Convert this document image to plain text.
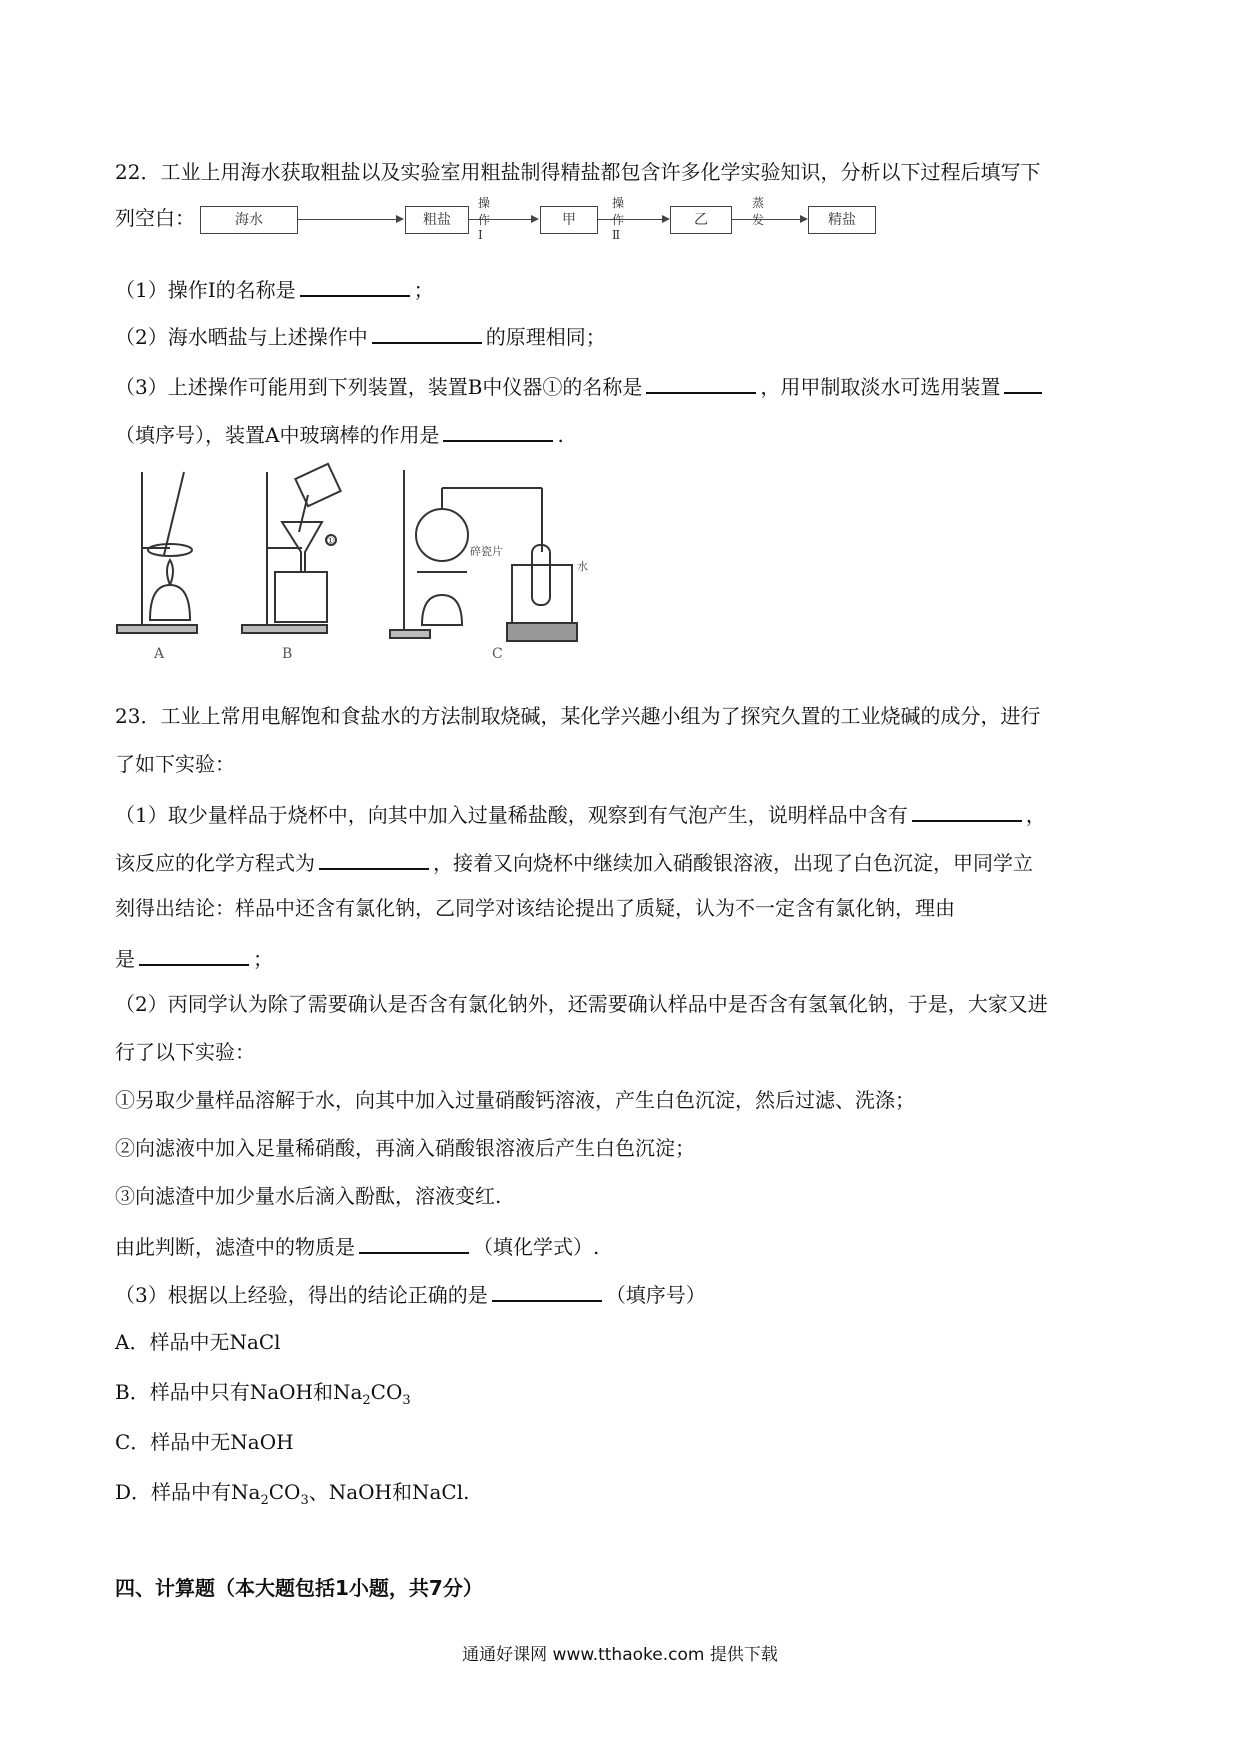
22．工业上用海水获取粗盐以及实验室用粗盐制得精盐都包含许多化学实验知识，分析以下过程后填写下
列空白：	海水	粗盐
操作Ⅰ
甲
操作Ⅱ
乙
蒸发	精盐
（1）操作Ⅰ的名称是	；
（2）海水晒盐与上述操作中	的原理相同；
（3）上述操作可能用到下列装置，装置B中仪器①的名称是	，用甲制取淡水可选用装置
（填序号），装置A中玻璃棒的作用是	.
A	B	C
①
碎瓷片
水
23．工业上常用电解饱和食盐水的方法制取烧碱，某化学兴趣小组为了探究久置的工业烧碱的成分，进行
了如下实验：
（1）取少量样品于烧杯中，向其中加入过量稀盐酸，观察到有气泡产生，说明样品中含有	，
该反应的化学方程式为	，接着又向烧杯中继续加入硝酸银溶液，出现了白色沉淀，甲同学立
刻得出结论：样品中还含有氯化钠，乙同学对该结论提出了质疑，认为不一定含有氯化钠，理由
是	；
（2）丙同学认为除了需要确认是否含有氯化钠外，还需要确认样品中是否含有氢氧化钠，于是，大家又进
行了以下实验：
①另取少量样品溶解于水，向其中加入过量硝酸钙溶液，产生白色沉淀，然后过滤、洗涤；
②向滤液中加入足量稀硝酸，再滴入硝酸银溶液后产生白色沉淀；
③向滤渣中加少量水后滴入酚酞，溶液变红.
由此判断，滤渣中的物质是	（填化学式）.
（3）根据以上经验，得出的结论正确的是	（填序号）
A．样品中无NaCl
B．样品中只有NaOH和$Na_2CO_3$
C．样品中无NaOH
D．样品中有$Na_2CO_3$、NaOH和NaCl.
四、计算题（本大题包括1小题，共7分）
通通好课网 www.tthaoke.com 提供下载
